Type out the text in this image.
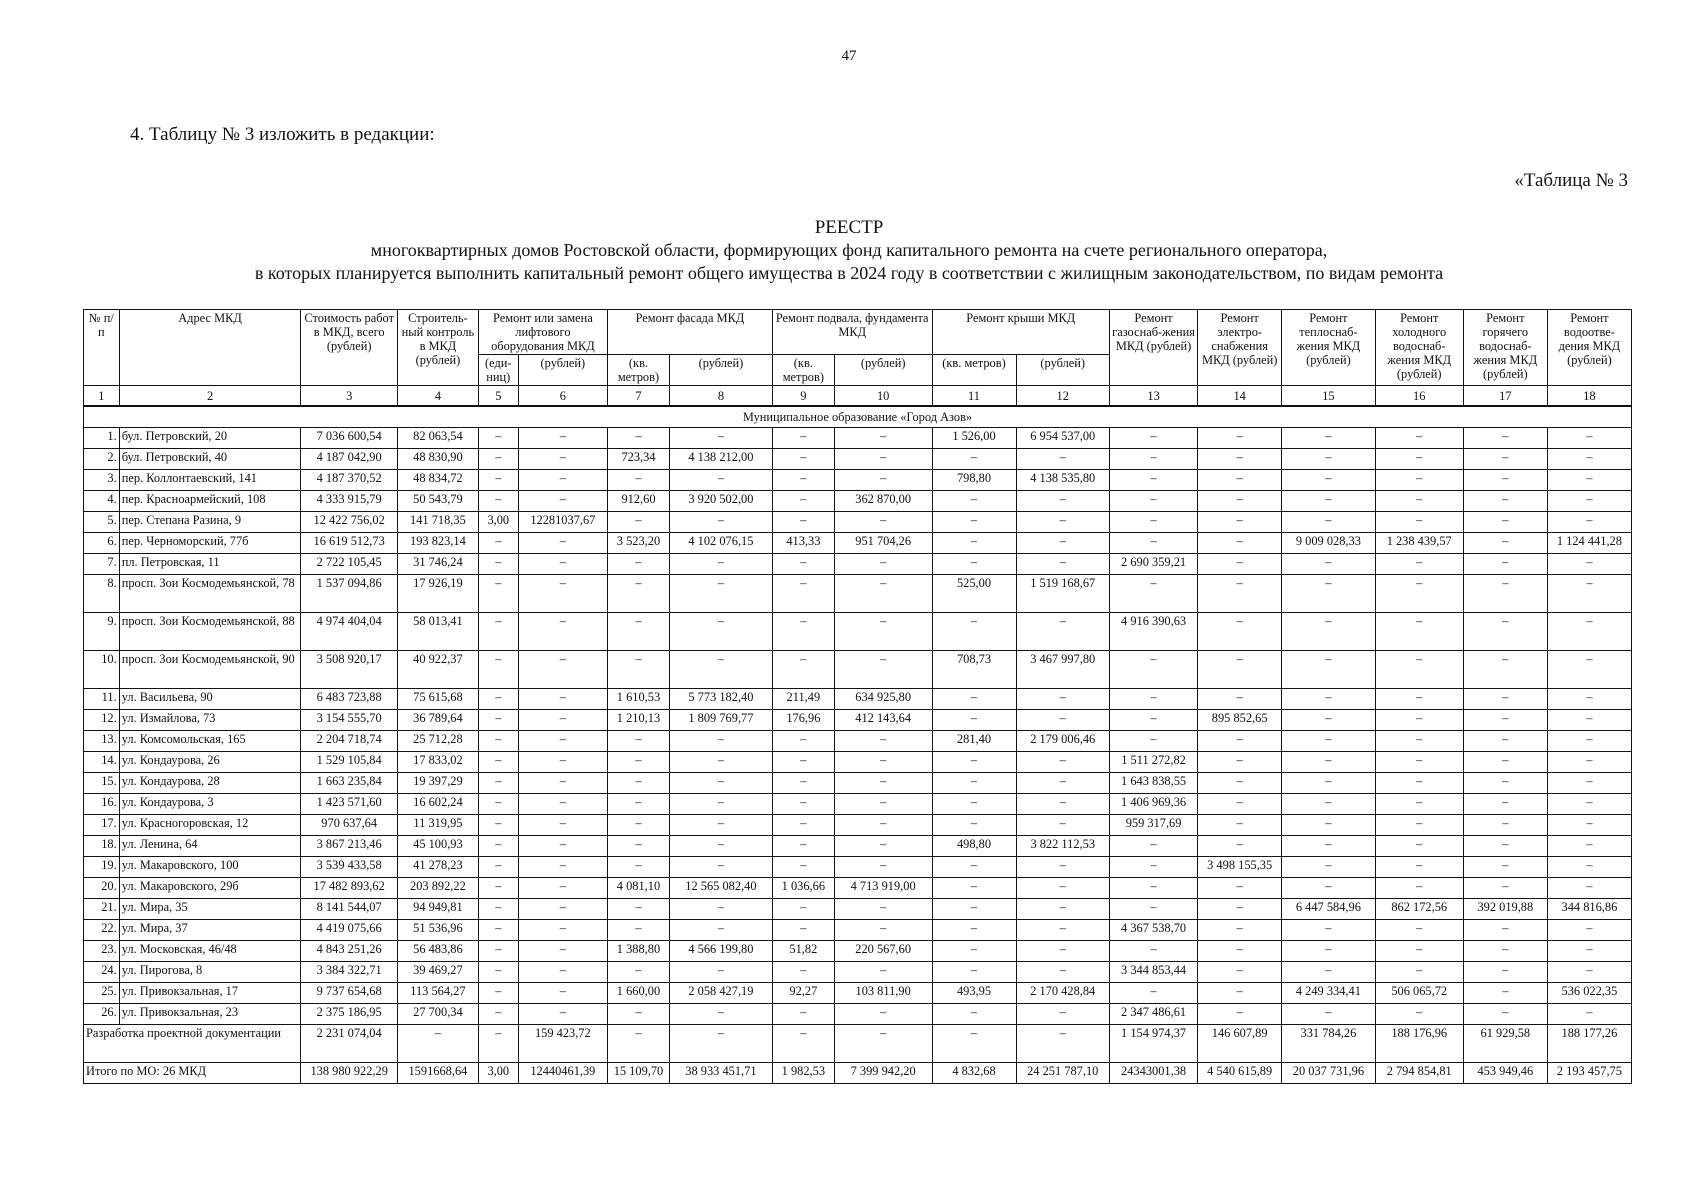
47
4. Таблицу № 3 изложить в редакции:
«Таблица № 3
РЕЕСТР
многоквартирных домов Ростовской области, формирующих фонд капитального ремонта на счете регионального оператора,
в которых планируется выполнить капитальный ремонт общего имущества в 2024 году в соответствии с жилищным законодательством, по видам ремонта
№ п/п	Адрес МКД	Стоимость работ в МКД, всего (рублей)	Строитель-ный контроль в МКД (рублей)	Ремонт или замена лифтового оборудования МКД		Ремонт фасада МКД		Ремонт подвала, фундамента МКД		Ремонт крыши МКД		Ремонт газоснаб-жения МКД (рублей)	Ремонт электро-снабжения МКД (рублей)	Ремонт теплоснаб-жения МКД (рублей)	Ремонт холодного водоснаб-жения МКД (рублей)	Ремонт горячего водоснаб-жения МКД (рублей)	Ремонт водоотве-дения МКД (рублей)
				(еди-ниц)	(рублей)	(кв. метров)	(рублей)	(кв. метров)	(рублей)	(кв. метров)	(рублей)						
1	2	3	4	5	6	7	8	9	10	11	12	13	14	15	16	17	18
Муниципальное образование «Город Азов»																	
1.	бул. Петровский, 20	7 036 600,54	82 063,54	–	–	–	–	–	–	1 526,00	6 954 537,00	–	–	–	–	–	–
2.	бул. Петровский, 40	4 187 042,90	48 830,90	–	–	723,34	4 138 212,00	–	–	–	–	–	–	–	–	–	–
3.	пер. Коллонтаевский, 141	4 187 370,52	48 834,72	–	–	–	–	–	–	798,80	4 138 535,80	–	–	–	–	–	–
4.	пер. Красноармейский, 108	4 333 915,79	50 543,79	–	–	912,60	3 920 502,00	–	362 870,00	–	–	–	–	–	–	–	–
5.	пер. Степана Разина, 9	12 422 756,02	141 718,35	3,00	12281037,67	–	–	–	–	–	–	–	–	–	–	–	–
6.	пер. Черноморский, 77б	16 619 512,73	193 823,14	–	–	3 523,20	4 102 076,15	413,33	951 704,26	–	–	–	–	9 009 028,33	1 238 439,57	–	1 124 441,28
7.	пл. Петровская, 11	2 722 105,45	31 746,24	–	–	–	–	–	–	–	–	2 690 359,21	–	–	–	–	–
8.	просп. Зои Космодемьянской, 78	1 537 094,86	17 926,19	–	–	–	–	–	–	525,00	1 519 168,67	–	–	–	–	–	–
9.	просп. Зои Космодемьянской, 88	4 974 404,04	58 013,41	–	–	–	–	–	–	–	–	4 916 390,63	–	–	–	–	–
10.	просп. Зои Космодемьянской, 90	3 508 920,17	40 922,37	–	–	–	–	–	–	708,73	3 467 997,80	–	–	–	–	–	–
11.	ул. Васильева, 90	6 483 723,88	75 615,68	–	–	1 610,53	5 773 182,40	211,49	634 925,80	–	–	–	–	–	–	–	–
12.	ул. Измайлова, 73	3 154 555,70	36 789,64	–	–	1 210,13	1 809 769,77	176,96	412 143,64	–	–	–	895 852,65	–	–	–	–
13.	ул. Комсомольская, 165	2 204 718,74	25 712,28	–	–	–	–	–	–	281,40	2 179 006,46	–	–	–	–	–	–
14.	ул. Кондаурова, 26	1 529 105,84	17 833,02	–	–	–	–	–	–	–	–	1 511 272,82	–	–	–	–	–
15.	ул. Кондаурова, 28	1 663 235,84	19 397,29	–	–	–	–	–	–	–	–	1 643 838,55	–	–	–	–	–
16.	ул. Кондаурова, 3	1 423 571,60	16 602,24	–	–	–	–	–	–	–	–	1 406 969,36	–	–	–	–	–
17.	ул. Красногоровская, 12	970 637,64	11 319,95	–	–	–	–	–	–	–	–	959 317,69	–	–	–	–	–
18.	ул. Ленина, 64	3 867 213,46	45 100,93	–	–	–	–	–	–	498,80	3 822 112,53	–	–	–	–	–	–
19.	ул. Макаровского, 100	3 539 433,58	41 278,23	–	–	–	–	–	–	–	–	–	3 498 155,35	–	–	–	–
20.	ул. Макаровского, 29б	17 482 893,62	203 892,22	–	–	4 081,10	12 565 082,40	1 036,66	4 713 919,00	–	–	–	–	–	–	–	–
21.	ул. Мира, 35	8 141 544,07	94 949,81	–	–	–	–	–	–	–	–	–	–	6 447 584,96	862 172,56	392 019,88	344 816,86
22.	ул. Мира, 37	4 419 075,66	51 536,96	–	–	–	–	–	–	–	–	4 367 538,70	–	–	–	–	–
23.	ул. Московская, 46/48	4 843 251,26	56 483,86	–	–	1 388,80	4 566 199,80	51,82	220 567,60	–	–	–	–	–	–	–	–
24.	ул. Пирогова, 8	3 384 322,71	39 469,27	–	–	–	–	–	–	–	–	3 344 853,44	–	–	–	–	–
25.	ул. Привокзальная, 17	9 737 654,68	113 564,27	–	–	1 660,00	2 058 427,19	92,27	103 811,90	493,95	2 170 428,84	–	–	4 249 334,41	506 065,72	–	536 022,35
26.	ул. Привокзальная, 23	2 375 186,95	27 700,34	–	–	–	–	–	–	–	–	2 347 486,61	–	–	–	–	–
Разработка проектной документации		2 231 074,04	–	–	159 423,72	–	–	–	–	–	–	1 154 974,37	146 607,89	331 784,26	188 176,96	61 929,58	188 177,26
Итого по МО: 26 МКД		138 980 922,29	1591668,64	3,00	12440461,39	15 109,70	38 933 451,71	1 982,53	7 399 942,20	4 832,68	24 251 787,10	24343001,38	4 540 615,89	20 037 731,96	2 794 854,81	453 949,46	2 193 457,75
